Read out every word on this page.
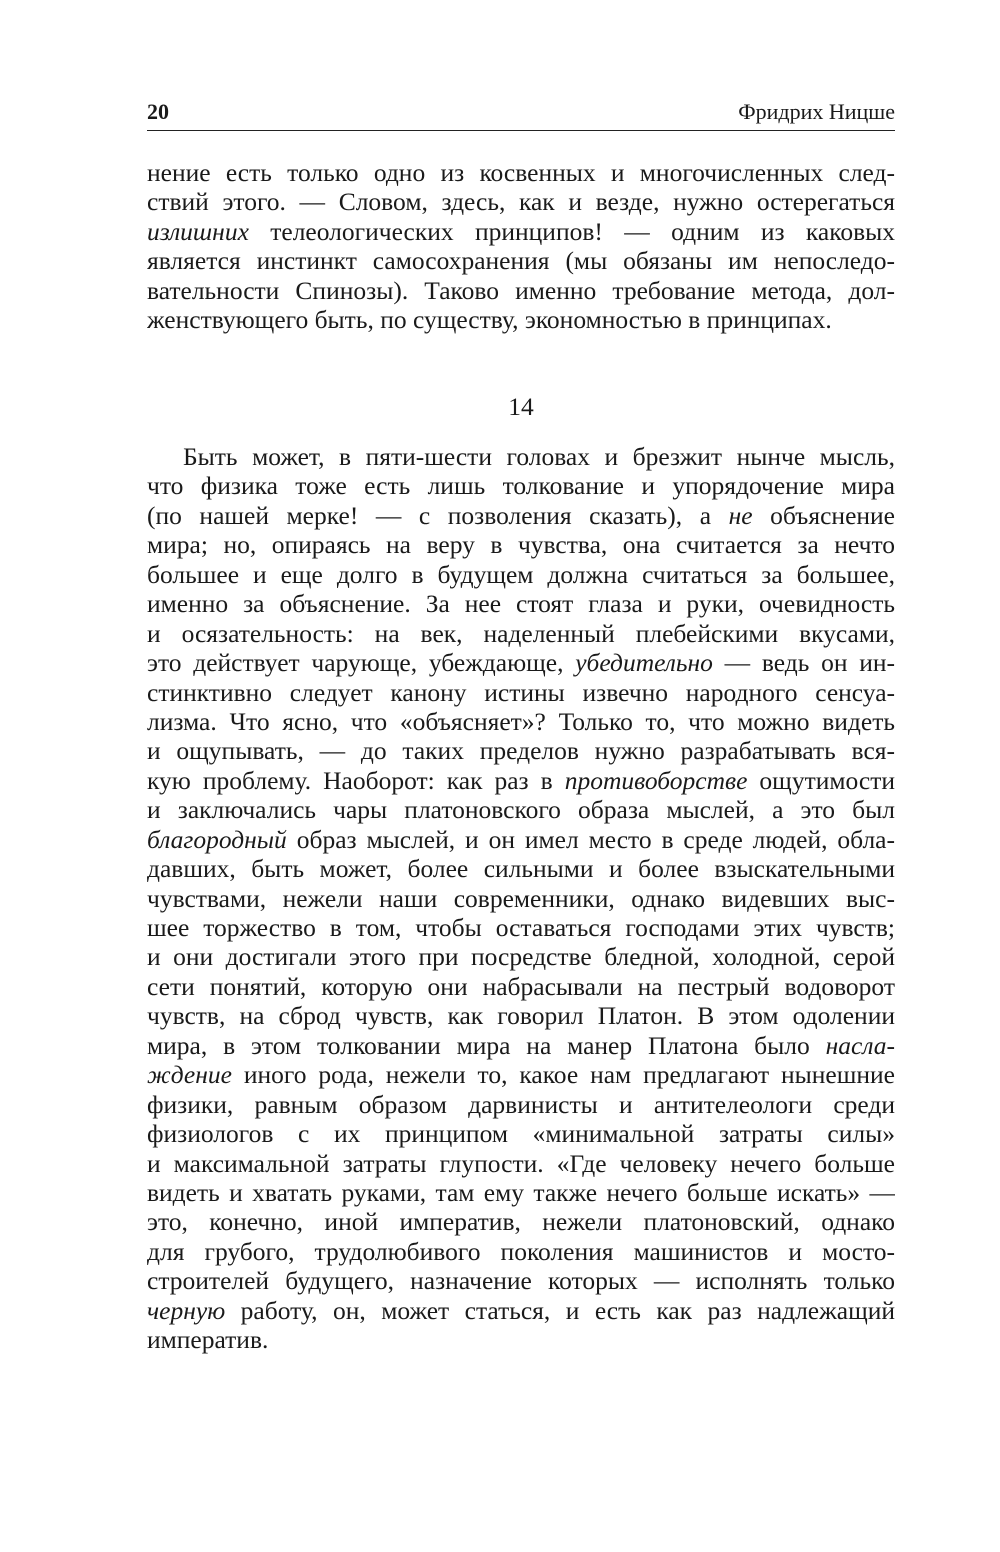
20	Фридрих Ницше
нение есть только одно из косвенных и многочисленных след-
ствий этого. — Словом, здесь, как и везде, нужно остерегаться
излишних телеологических принципов! — одним из каковых
является инстинкт самосохранения (мы обязаны им непоследо-
вательности Спинозы). Таково именно требование метода, дол-
женствующего быть, по существу, экономностью в принципах.
14
Быть может, в пяти-шести головах и брезжит нынче мысль,
что физика тоже есть лишь толкование и упорядочение мира
(по нашей мерке! — с позволения сказать), а не объяснение
мира; но, опираясь на веру в чувства, она считается за нечто
большее и еще долго в будущем должна считаться за большее,
именно за объяснение. За нее стоят глаза и руки, очевидность
и осязательность: на век, наделенный плебейскими вкусами,
это действует чарующе, убеждающе, убедительно — ведь он ин-
стинктивно следует канону истины извечно народного сенсуа-
лизма. Что ясно, что «объясняет»? Только то, что можно видеть
и ощупывать, — до таких пределов нужно разрабатывать вся-
кую проблему. Наоборот: как раз в противоборстве ощутимости
и заключались чары платоновского образа мыслей, а это был
благородный образ мыслей, и он имел место в среде людей, обла-
давших, быть может, более сильными и более взыскательными
чувствами, нежели наши современники, однако видевших выс-
шее торжество в том, чтобы оставаться господами этих чувств;
и они достигали этого при посредстве бледной, холодной, серой
сети понятий, которую они набрасывали на пестрый водоворот
чувств, на сброд чувств, как говорил Платон. В этом одолении
мира, в этом толковании мира на манер Платона было насла-
ждение иного рода, нежели то, какое нам предлагают нынешние
физики, равным образом дарвинисты и антителеологи среди
физиологов с их принципом «минимальной затраты силы»
и максимальной затраты глупости. «Где человеку нечего больше
видеть и хватать руками, там ему также нечего больше искать» —
это, конечно, иной императив, нежели платоновский, однако
для грубого, трудолюбивого поколения машинистов и мосто-
строителей будущего, назначение которых — исполнять только
черную работу, он, может статься, и есть как раз надлежащий
императив.
